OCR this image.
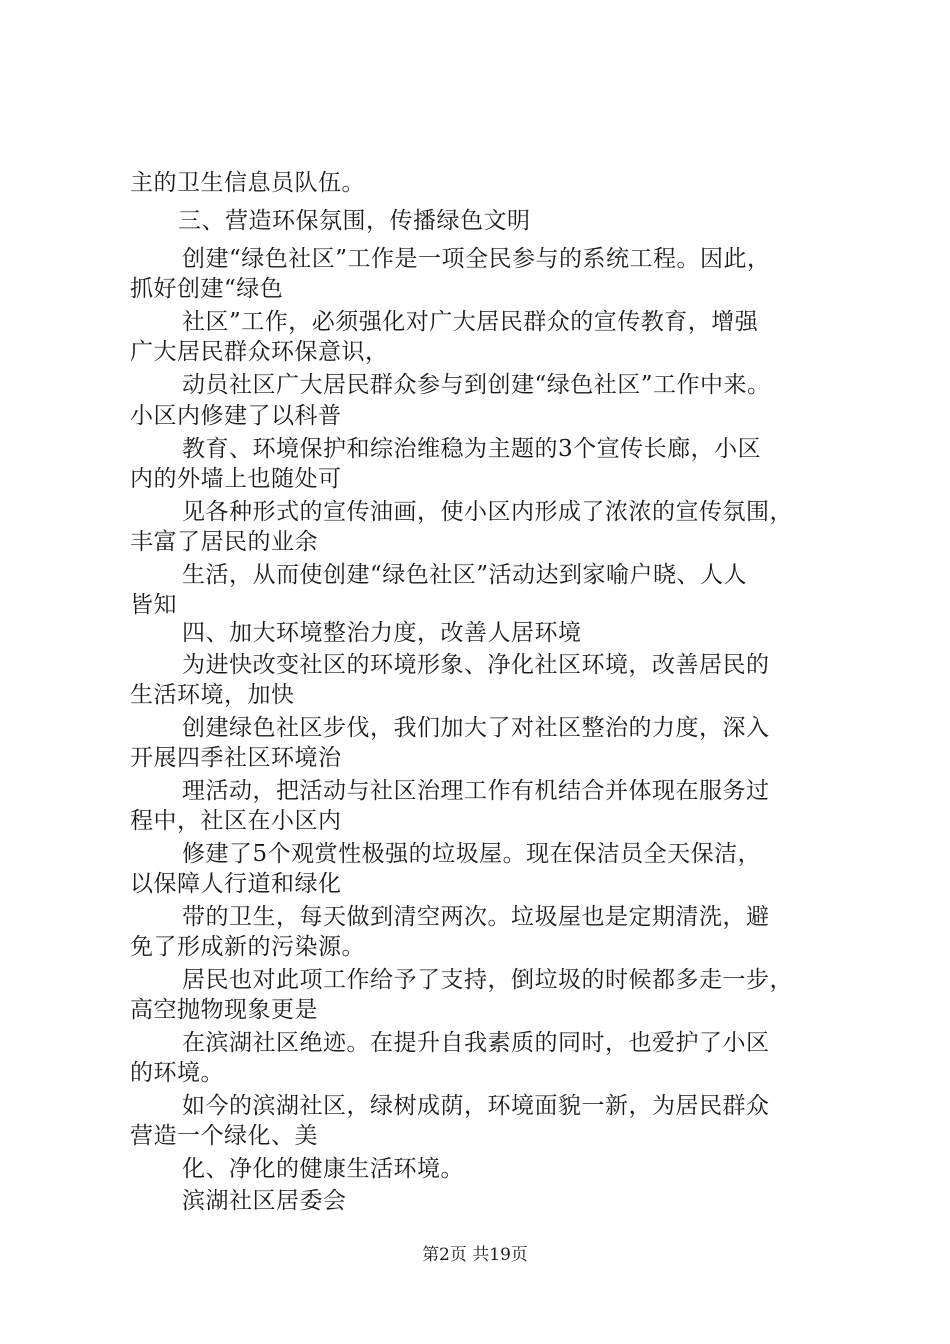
主的卫生信息员队伍。
三、营造环保氛围，传播绿色文明
创建“绿色社区”工作是一项全民参与的系统工程。因此，
抓好创建“绿色
社区”工作，必须强化对广大居民群众的宣传教育，增强
广大居民群众环保意识，
动员社区广大居民群众参与到创建“绿色社区”工作中来。
小区内修建了以科普
教育、环境保护和综治维稳为主题的3个宣传长廊，小区
内的外墙上也随处可
见各种形式的宣传油画，使小区内形成了浓浓的宣传氛围，
丰富了居民的业余
生活，从而使创建“绿色社区”活动达到家喻户晓、人人
皆知
四、加大环境整治力度，改善人居环境
为进快改变社区的环境形象、净化社区环境，改善居民的
生活环境，加快
创建绿色社区步伐，我们加大了对社区整治的力度，深入
开展四季社区环境治
理活动，把活动与社区治理工作有机结合并体现在服务过
程中，社区在小区内
修建了5个观赏性极强的垃圾屋。现在保洁员全天保洁，
以保障人行道和绿化
带的卫生，每天做到清空两次。垃圾屋也是定期清洗，避
免了形成新的污染源。
居民也对此项工作给予了支持，倒垃圾的时候都多走一步，
高空抛物现象更是
在滨湖社区绝迹。在提升自我素质的同时，也爱护了小区
的环境。
如今的滨湖社区，绿树成荫，环境面貌一新，为居民群众
营造一个绿化、美
化、净化的健康生活环境。
滨湖社区居委会
第2页 共19页
